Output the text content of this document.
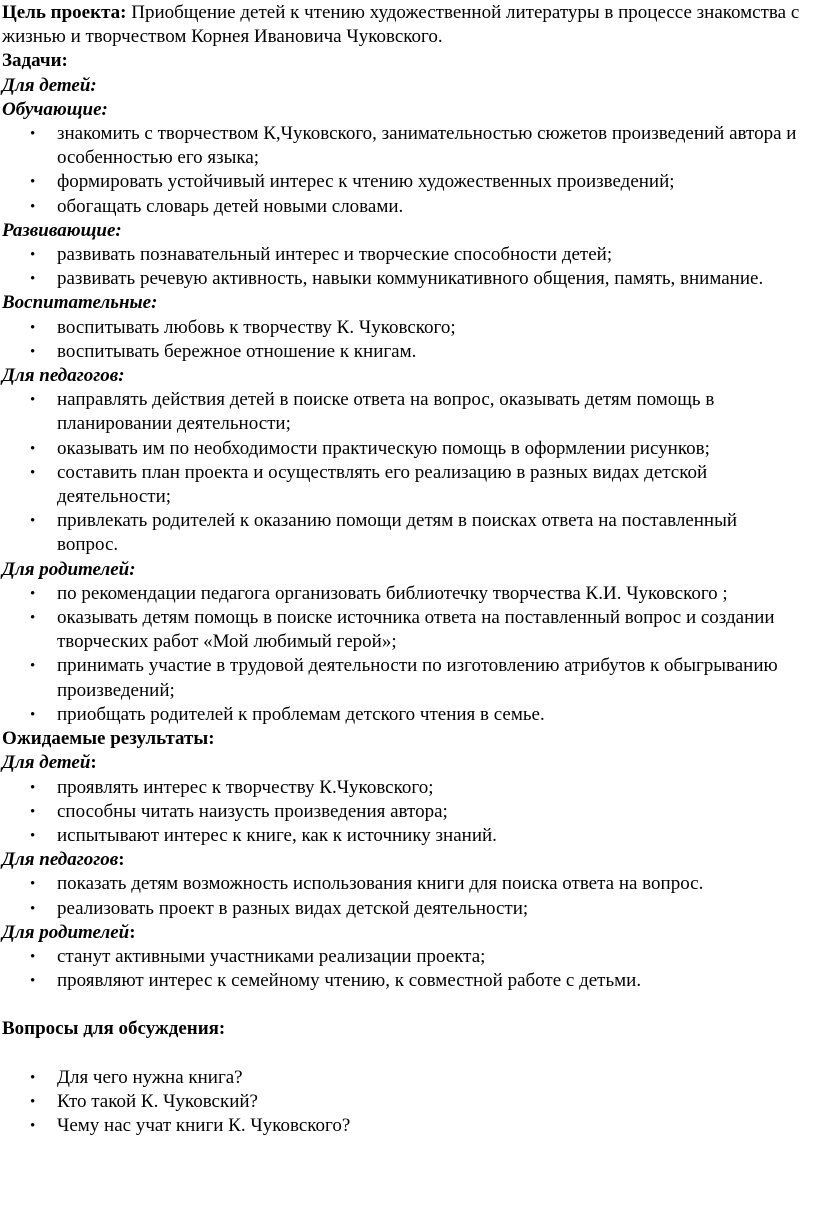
Цель проекта: Приобщение детей к чтению художественной литературы в процессе знакомства с жизнью и творчеством Корнея Ивановича Чуковского.

Задачи:

Для детей:

Обучающие:

• знакомить с творчеством К,Чуковского, занимательностью сюжетов произведений автора и особенностью его языка;
• формировать устойчивый интерес к чтению художественных произведений;
• обогащать словарь детей новыми словами.

Развивающие:

• развивать познавательный интерес и творческие способности детей;
• развивать речевую активность, навыки коммуникативного общения, память, внимание.

Воспитательные:

• воспитывать любовь к творчеству К. Чуковского;
• воспитывать бережное отношение к книгам.

Для педагогов:

• направлять действия детей в поиске ответа на вопрос, оказывать детям помощь в планировании деятельности;
• оказывать им по необходимости практическую помощь в оформлении рисунков;
• составить план проекта и осуществлять его реализацию в разных видах детской деятельности;
• привлекать родителей к оказанию помощи детям в поисках ответа на поставленный вопрос.

Для родителей:

• по рекомендации педагога организовать библиотечку творчества К.И. Чуковского ;
• оказывать детям помощь в поиске источника ответа на поставленный вопрос и создании творческих работ «Мой любимый герой»;
• принимать участие в трудовой деятельности по изготовлению атрибутов к обыгрыванию произведений;
• приобщать родителей к проблемам детского чтения в семье.

Ожидаемые результаты:

Для детей:

• проявлять интерес к творчеству К.Чуковского;
• способны читать наизусть произведения автора;
• испытывают интерес к книге, как к источнику знаний.

Для педагогов:

• показать детям возможность использования книги для поиска ответа на вопрос.
• реализовать проект в разных видах детской деятельности;

Для родителей:

• станут активными участниками реализации проекта;
• проявляют интерес к семейному чтению, к совместной работе с детьми.

Вопросы для обсуждения:

• Для чего нужна книга?
• Кто такой К. Чуковский?
• Чему нас учат книги К. Чуковского?
